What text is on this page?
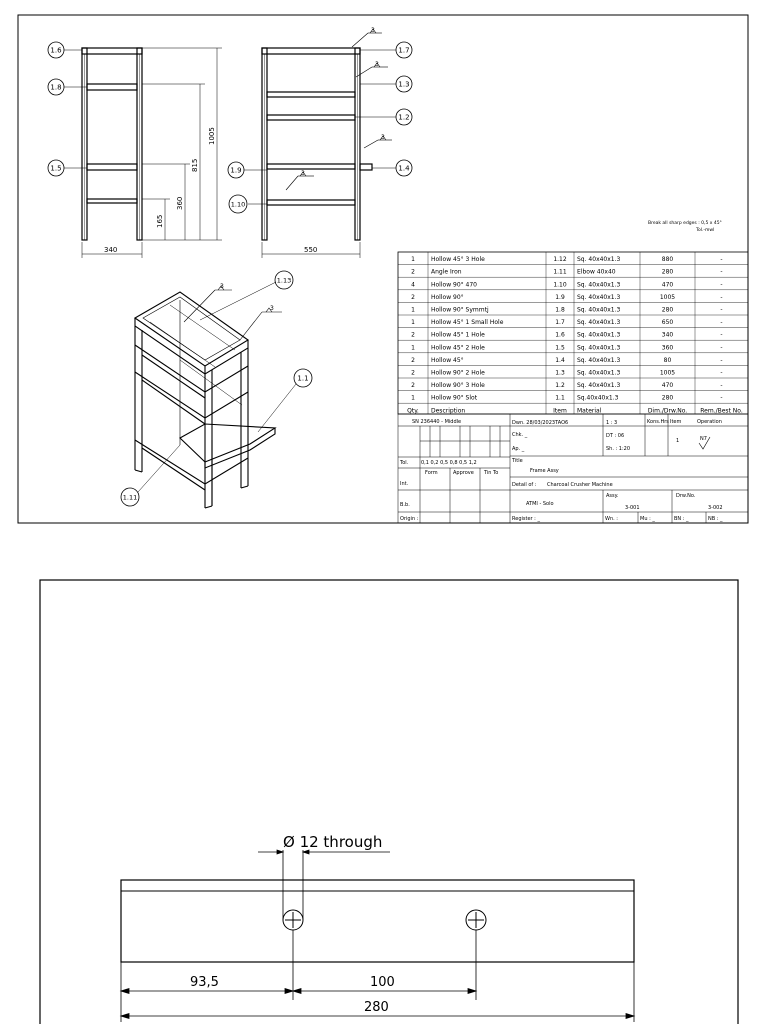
1005
815
360
165
340	550
3
3
3
3
1.6
1.8
1.5
1.7
1.3
1.2
1.4
1.9
1.10
Break all sharp edges : 0,5 x 45°
Tol.-mwl
3
3
1.13
1.1
1.11
1	Hollow 45° 3 Hole	1.12 Sq. 40x40x1.3	880	-
2	Angle Iron	1.11 Elbow 40x40	280	-
4	Hollow 90° 470	1.10 Sq. 40x40x1.3	470	-
2	Hollow 90°	1.9 Sq. 40x40x1.3	1005	-
1	Hollow 90° Symmtj	1.8 Sq. 40x40x1.3	280	-
1	Hollow 45° 1 Small Hole	1.7 Sq. 40x40x1.3	650	-
2	Hollow 45° 1 Hole	1.6 Sq. 40x40x1.3	340	-
1	Hollow 45° 2 Hole	1.5 Sq. 40x40x1.3	360	-
2	Hollow 45°	1.4 Sq. 40x40x1.3	80	-
2	Hollow 90° 2 Hole	1.3 Sq. 40x40x1.3	1005	-
2	Hollow 90° 3 Hole	1.2 Sq. 40x40x1.3	470	-
1	Hollow 90° Slot	1.1 Sq.40x40x1.3	280	-
Qty. Description	Item Material	Dim./Drw.No. Rem./Best No.
SN 236440 - Middle	Dwn. 28/03/2023TAO6
Chk. _
Ap. _
1 : 3
DT : 06
Sh. : 1:20
Kons.Hrs Item
1
Operation
N7
Tol.	0,1 0,2 0,5 0,8 0,5 1,2
Form	Approve Tin To
Int.
B.b.
Title
Frame Assy
Detail of : Charcoal Crusher Machine
ATMI - Solo
Assy.
3-001
Drw.No.
3-002
Origin :	Register : _	Wn. :	Mu : _	BN : _	NB : _
Ø 12 through
93,5	100
280
